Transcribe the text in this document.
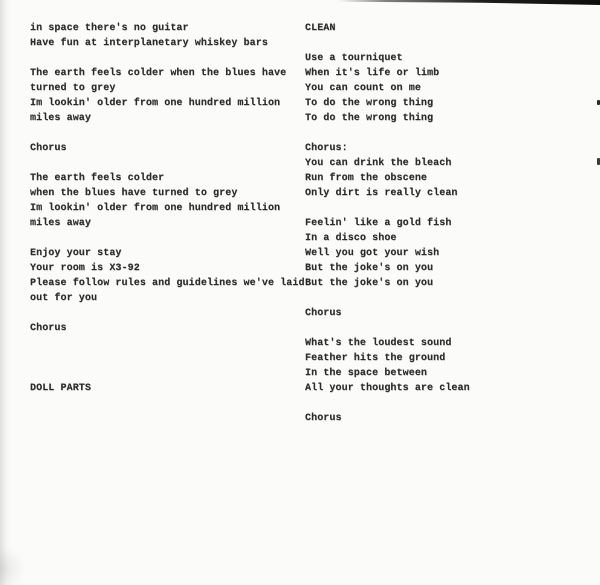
in space there's no guitar
Have fun at interplanetary whiskey bars
The earth feels colder when the blues have
turned to grey
Im lookin' older from one hundred million
miles away
Chorus
The earth feels colder
when the blues have turned to grey
Im lookin' older from one hundred million
miles away
Enjoy your stay
Your room is X3-92
Please follow rules and guidelines we've laid
out for you
Chorus
DOLL PARTS
CLEAN
Use a tourniquet
When it's life or limb
You can count on me
To do the wrong thing
To do the wrong thing
Chorus:
You can drink the bleach
Run from the obscene
Only dirt is really clean
Feelin' like a gold fish
In a disco shoe
Well you got your wish
But the joke's on you
But the joke's on you
Chorus
What's the loudest sound
Feather hits the ground
In the space between
All your thoughts are clean
Chorus
